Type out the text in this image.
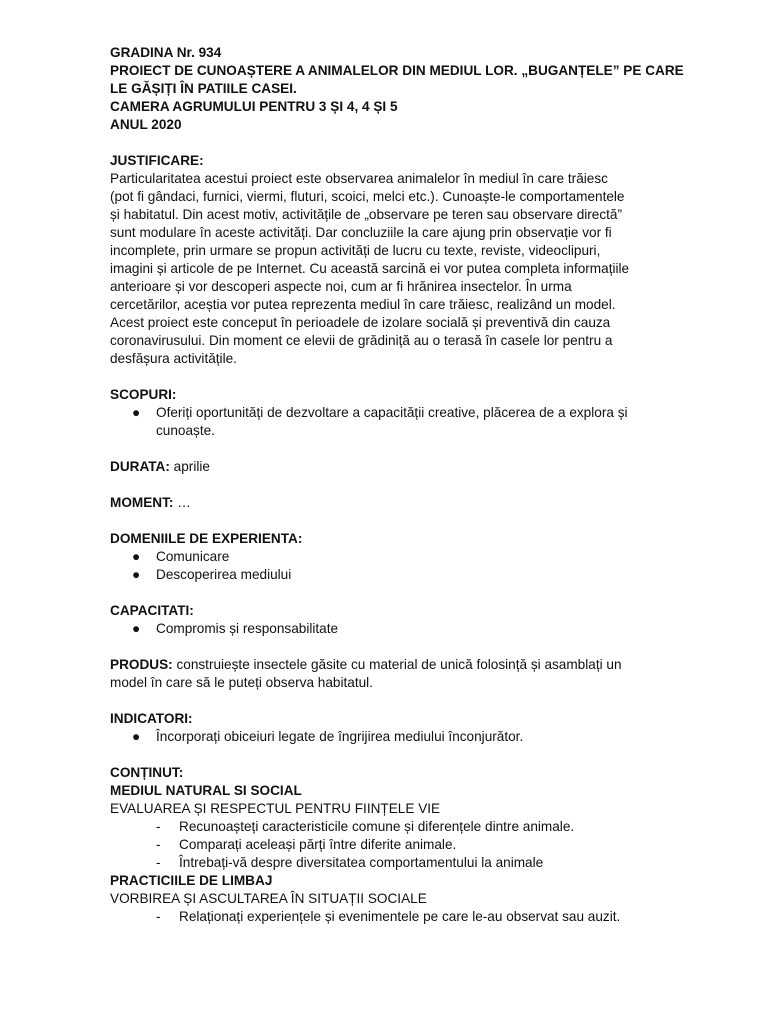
GRADINA Nr. 934
PROIECT DE CUNOAȘTERE A ANIMALELOR DIN MEDIUL LOR. „BUGANȚELE” PE CARE
LE GĂȘIȚI ÎN PATIILE CASEI.
CAMERA AGRUMULUI PENTRU 3 ȘI 4, 4 ȘI 5
ANUL 2020
JUSTIFICARE:
Particularitatea acestui proiect este observarea animalelor în mediul în care trăiesc
(pot fi gândaci, furnici, viermi, fluturi, scoici, melci etc.). Cunoaște-le comportamentele
și habitatul. Din acest motiv, activitățile de „observare pe teren sau observare directă”
sunt modulare în aceste activități. Dar concluziile la care ajung prin observație vor fi
incomplete, prin urmare se propun activități de lucru cu texte, reviste, videoclipuri,
imagini și articole de pe Internet. Cu această sarcină ei vor putea completa informațiile
anterioare și vor descoperi aspecte noi, cum ar fi hrănirea insectelor. În urma
cercetărilor, aceștia vor putea reprezenta mediul în care trăiesc, realizând un model.
Acest proiect este conceput în perioadele de izolare socială și preventivă din cauza
coronavirusului. Din moment ce elevii de grădiniță au o terasă în casele lor pentru a
desfășura activitățile.
SCOPURI:
● Oferiți oportunități de dezvoltare a capacității creative, plăcerea de a explora și
cunoaște.
DURATA: aprilie
MOMENT: …
DOMENIILE DE EXPERIENTA:
● Comunicare
● Descoperirea mediului
CAPACITATI:
● Compromis și responsabilitate
PRODUS: construiește insectele găsite cu material de unică folosință și asamblați un
model în care să le puteți observa habitatul.
INDICATORI:
● Încorporați obiceiuri legate de îngrijirea mediului înconjurător.
CONȚINUT:
MEDIUL NATURAL SI SOCIAL
EVALUAREA ȘI RESPECTUL PENTRU FIINȚELE VIE
- Recunoașteți caracteristicile comune și diferențele dintre animale.
- Comparați aceleași părți între diferite animale.
- Întrebați-vă despre diversitatea comportamentului la animale
PRACTICIILE DE LIMBAJ
VORBIREA ȘI ASCULTAREA ÎN SITUAȚII SOCIALE
- Relaționați experiențele și evenimentele pe care le-au observat sau auzit.
